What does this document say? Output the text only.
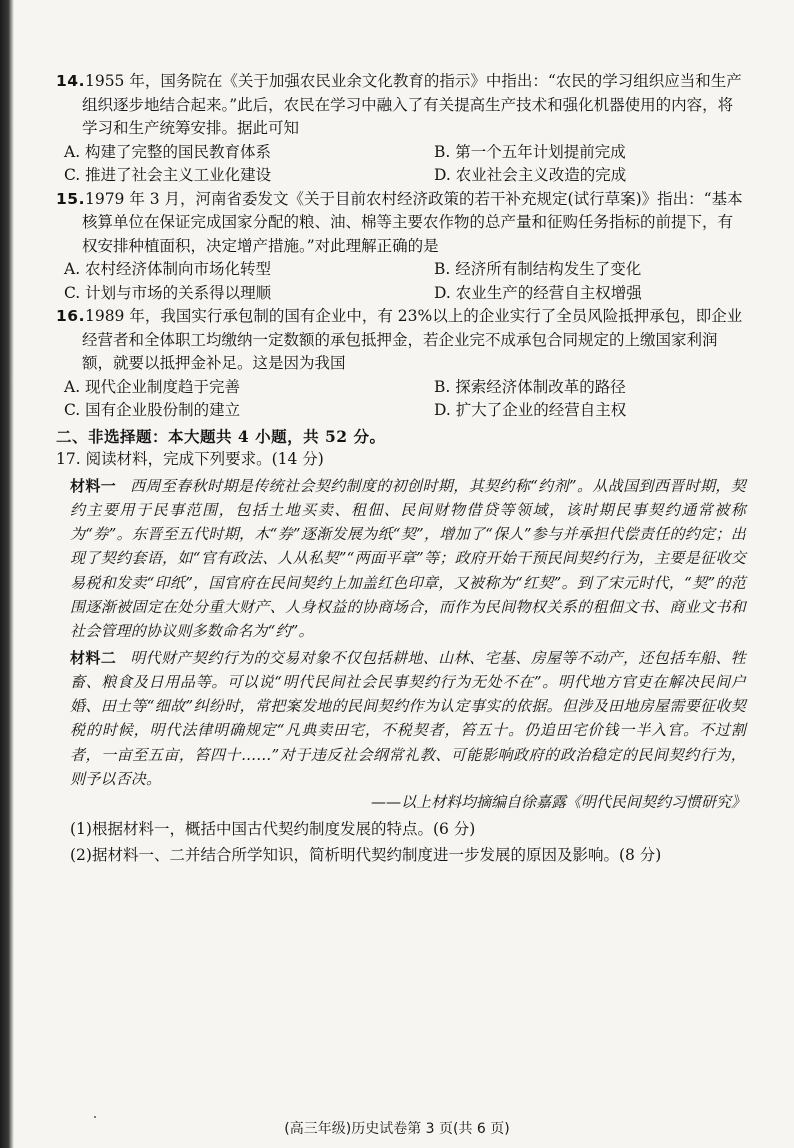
14.1955 年，国务院在《关于加强农民业余文化教育的指示》中指出：“农民的学习组织应当和生产组织逐步地结合起来。”此后，农民在学习中融入了有关提高生产技术和强化机器使用的内容，将学习和生产统筹安排。据此可知

A. 构建了完整的国民教育体系	B. 第一个五年计划提前完成

C. 推进了社会主义工业化建设	D. 农业社会主义改造的完成

15.1979 年 3 月，河南省委发文《关于目前农村经济政策的若干补充规定(试行草案)》指出：“基本核算单位在保证完成国家分配的粮、油、棉等主要农作物的总产量和征购任务指标的前提下，有权安排种植面积，决定增产措施。”对此理解正确的是

A. 农村经济体制向市场化转型	B. 经济所有制结构发生了变化

C. 计划与市场的关系得以理顺	D. 农业生产的经营自主权增强

16.1989 年，我国实行承包制的国有企业中，有 23%以上的企业实行了全员风险抵押承包，即企业经营者和全体职工均缴纳一定数额的承包抵押金，若企业完不成承包合同规定的上缴国家利润额，就要以抵押金补足。这是因为我国

A. 现代企业制度趋于完善	B. 探索经济体制改革的路径

C. 国有企业股份制的建立	D. 扩大了企业的经营自主权

二、非选择题：本大题共 4 小题，共 52 分。

17. 阅读材料，完成下列要求。(14 分)

材料一 西周至春秋时期是传统社会契约制度的初创时期，其契约称“约剂”。从战国到西晋时期，契约主要用于民事范围，包括土地买卖、租佃、民间财物借贷等领域，该时期民事契约通常被称为“券”。东晋至五代时期，木“券”逐渐发展为纸“契”，增加了“保人”参与并承担代偿责任的约定；出现了契约套语，如“官有政法、人从私契”“两面平章”等；政府开始干预民间契约行为，主要是征收交易税和发卖“印纸”，国官府在民间契约上加盖红色印章，又被称为“红契”。到了宋元时代，“契”的范围逐渐被固定在处分重大财产、人身权益的协商场合，而作为民间物权关系的租佃文书、商业文书和社会管理的协议则多数命名为“约”。

材料二 明代财产契约行为的交易对象不仅包括耕地、山林、宅基、房屋等不动产，还包括车船、牲畜、粮食及日用品等。可以说“明代民间社会民事契约行为无处不在”。明代地方官吏在解决民间户婚、田土等“细故”纠纷时，常把案发地的民间契约作为认定事实的依据。但涉及田地房屋需要征收契税的时候，明代法律明确规定“凡典卖田宅，不税契者，笞五十。仍追田宅价钱一半入官。不过割者，一亩至五亩，笞四十……”对于违反社会纲常礼教、可能影响政府的政治稳定的民间契约行为，则予以否决。

——以上材料均摘编自徐嘉露《明代民间契约习惯研究》

(1)根据材料一，概括中国古代契约制度发展的特点。(6 分)

(2)据材料一、二并结合所学知识，简析明代契约制度进一步发展的原因及影响。(8 分)

(高三年级)历史试卷第 3 页(共 6 页)
